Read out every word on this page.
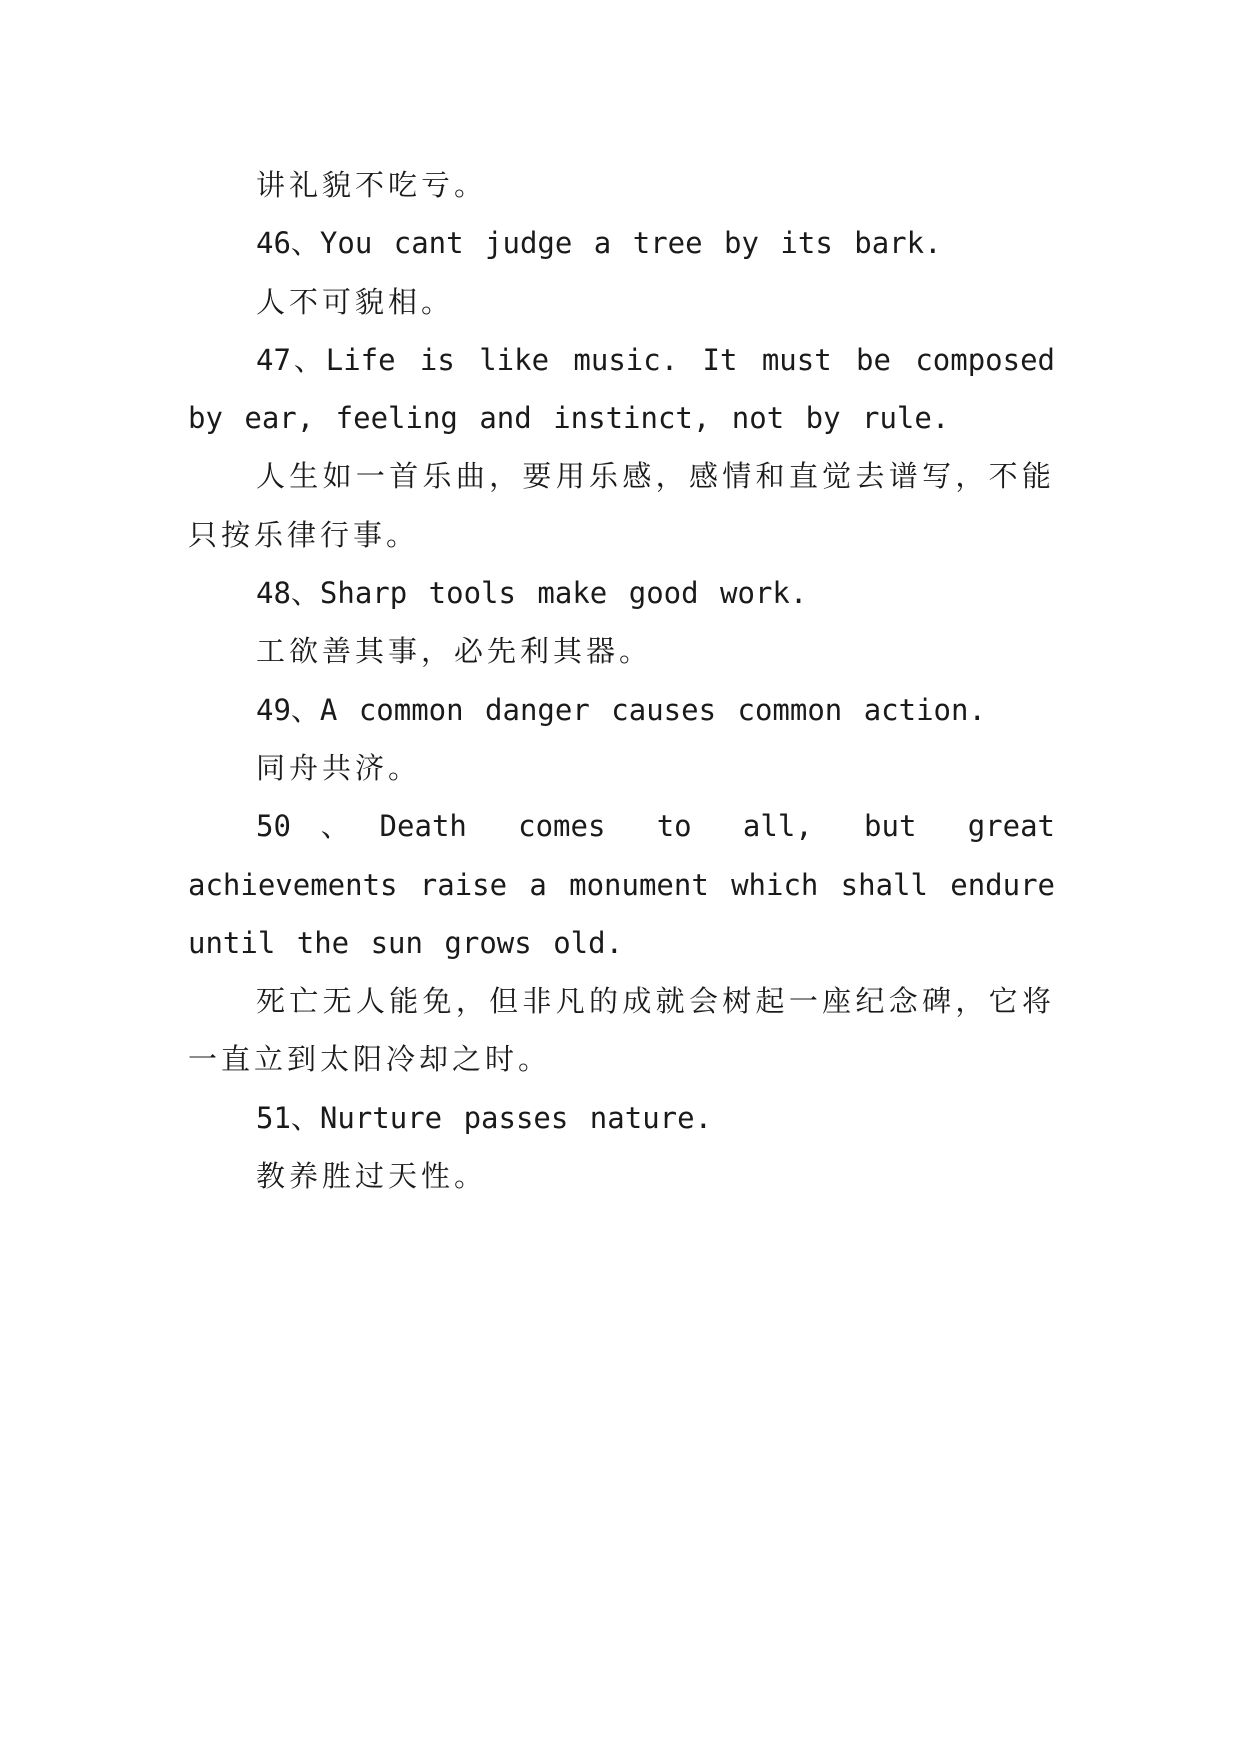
讲礼貌不吃亏。

46、You cant judge a tree by its bark.

人不可貌相。

47、Life is like music. It must be composed by ear, feeling and instinct, not by rule.

人生如一首乐曲，要用乐感，感情和直觉去谱写，不能只按乐律行事。

48、Sharp tools make good work.

工欲善其事，必先利其器。

49、A common danger causes common action.

同舟共济。

50、Death comes to all, but great achievements raise a monument which shall endure until the sun grows old.

死亡无人能免，但非凡的成就会树起一座纪念碑，它将一直立到太阳冷却之时。

51、Nurture passes nature.

教养胜过天性。
